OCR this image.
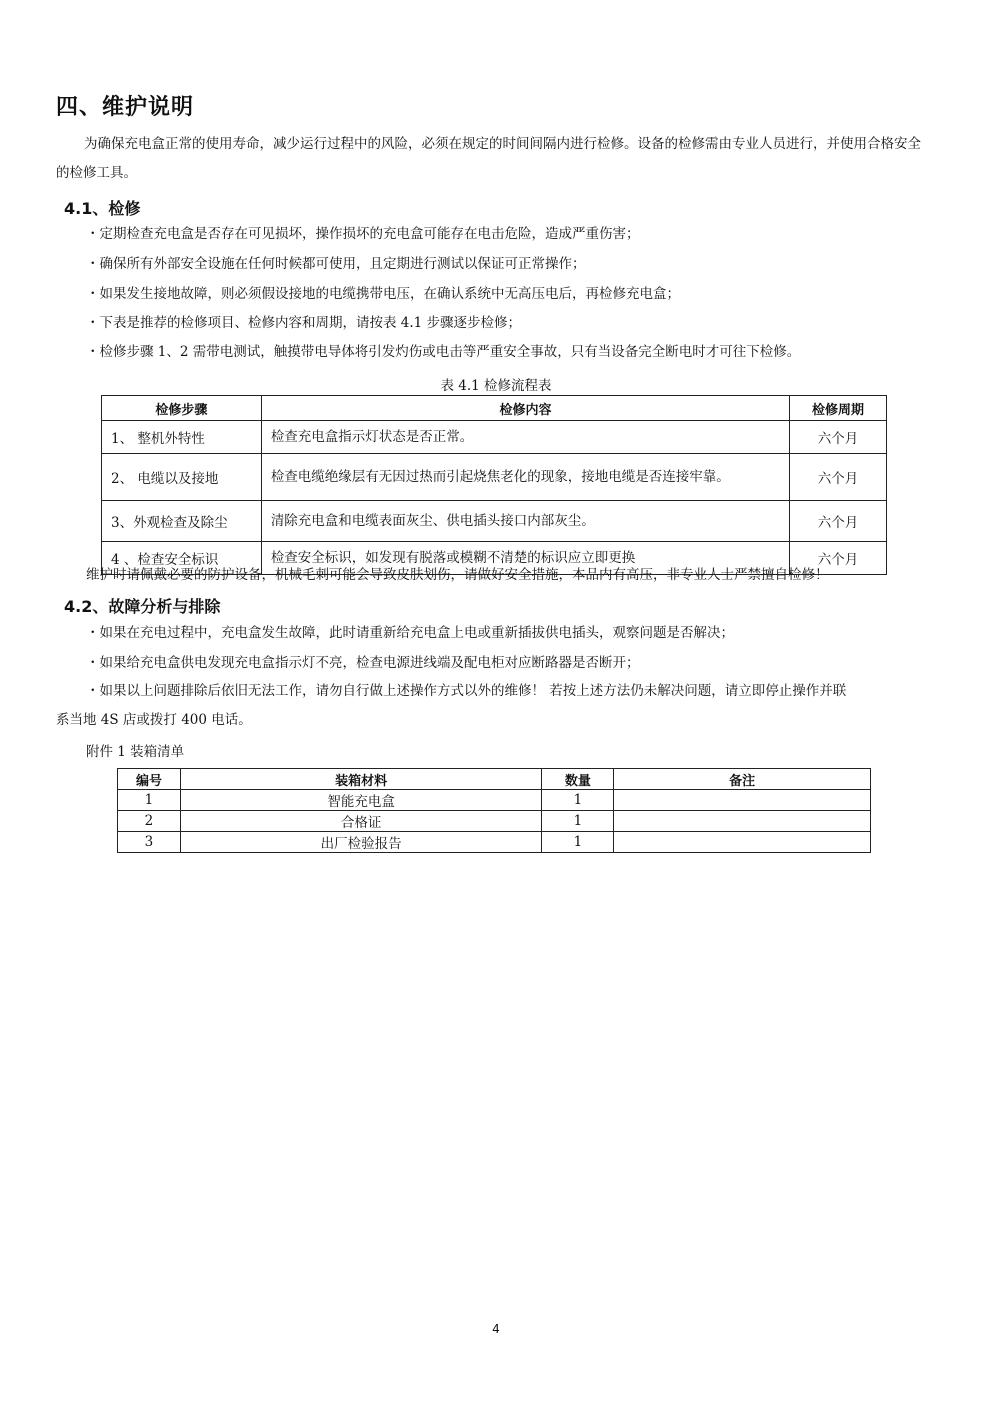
四、维护说明
为确保充电盒正常的使用寿命，减少运行过程中的风险，必须在规定的时间间隔内进行检修。设备的检修需由专业人员进行，并使用合格安全的检修工具。
4.1、检修
・定期检查充电盒是否存在可见损坏，操作损坏的充电盒可能存在电击危险，造成严重伤害；
・确保所有外部安全设施在任何时候都可使用，且定期进行测试以保证可正常操作；
・如果发生接地故障，则必须假设接地的电缆携带电压，在确认系统中无高压电后，再检修充电盒；
・下表是推荐的检修项目、检修内容和周期，请按表 4.1 步骤逐步检修；
・检修步骤 1、2 需带电测试，触摸带电导体将引发灼伤或电击等严重安全事故，只有当设备完全断电时才可往下检修。
表 4.1 检修流程表
检修步骤	检修内容	检修周期
1、 整机外特性	检查充电盒指示灯状态是否正常。	六个月
2、 电缆以及接地	检查电缆绝缘层有无因过热而引起烧焦老化的现象，接地电缆是否连接牢靠。	六个月
3、外观检查及除尘	清除充电盒和电缆表面灰尘、供电插头接口内部灰尘。	六个月
4 、检查安全标识	检查安全标识，如发现有脱落或模糊不清楚的标识应立即更换	六个月
维护时请佩戴必要的防护设备，机械毛刺可能会导致皮肤划伤，请做好安全措施，本品内有高压，非专业人士严禁擅自检修！
4.2、故障分析与排除
・如果在充电过程中，充电盒发生故障，此时请重新给充电盒上电或重新插拔供电插头，观察问题是否解决；
・如果给充电盒供电发现充电盒指示灯不亮，检查电源进线端及配电柜对应断路器是否断开；
・如果以上问题排除后依旧无法工作，请勿自行做上述操作方式以外的维修！ 若按上述方法仍未解决问题，请立即停止操作并联
系当地 4S 店或拨打 400 电话。
附件 1 装箱清单
编号	装箱材料	数量	备注
1	智能充电盒	1	
2	合格证	1	
3	出厂检验报告	1	
4
